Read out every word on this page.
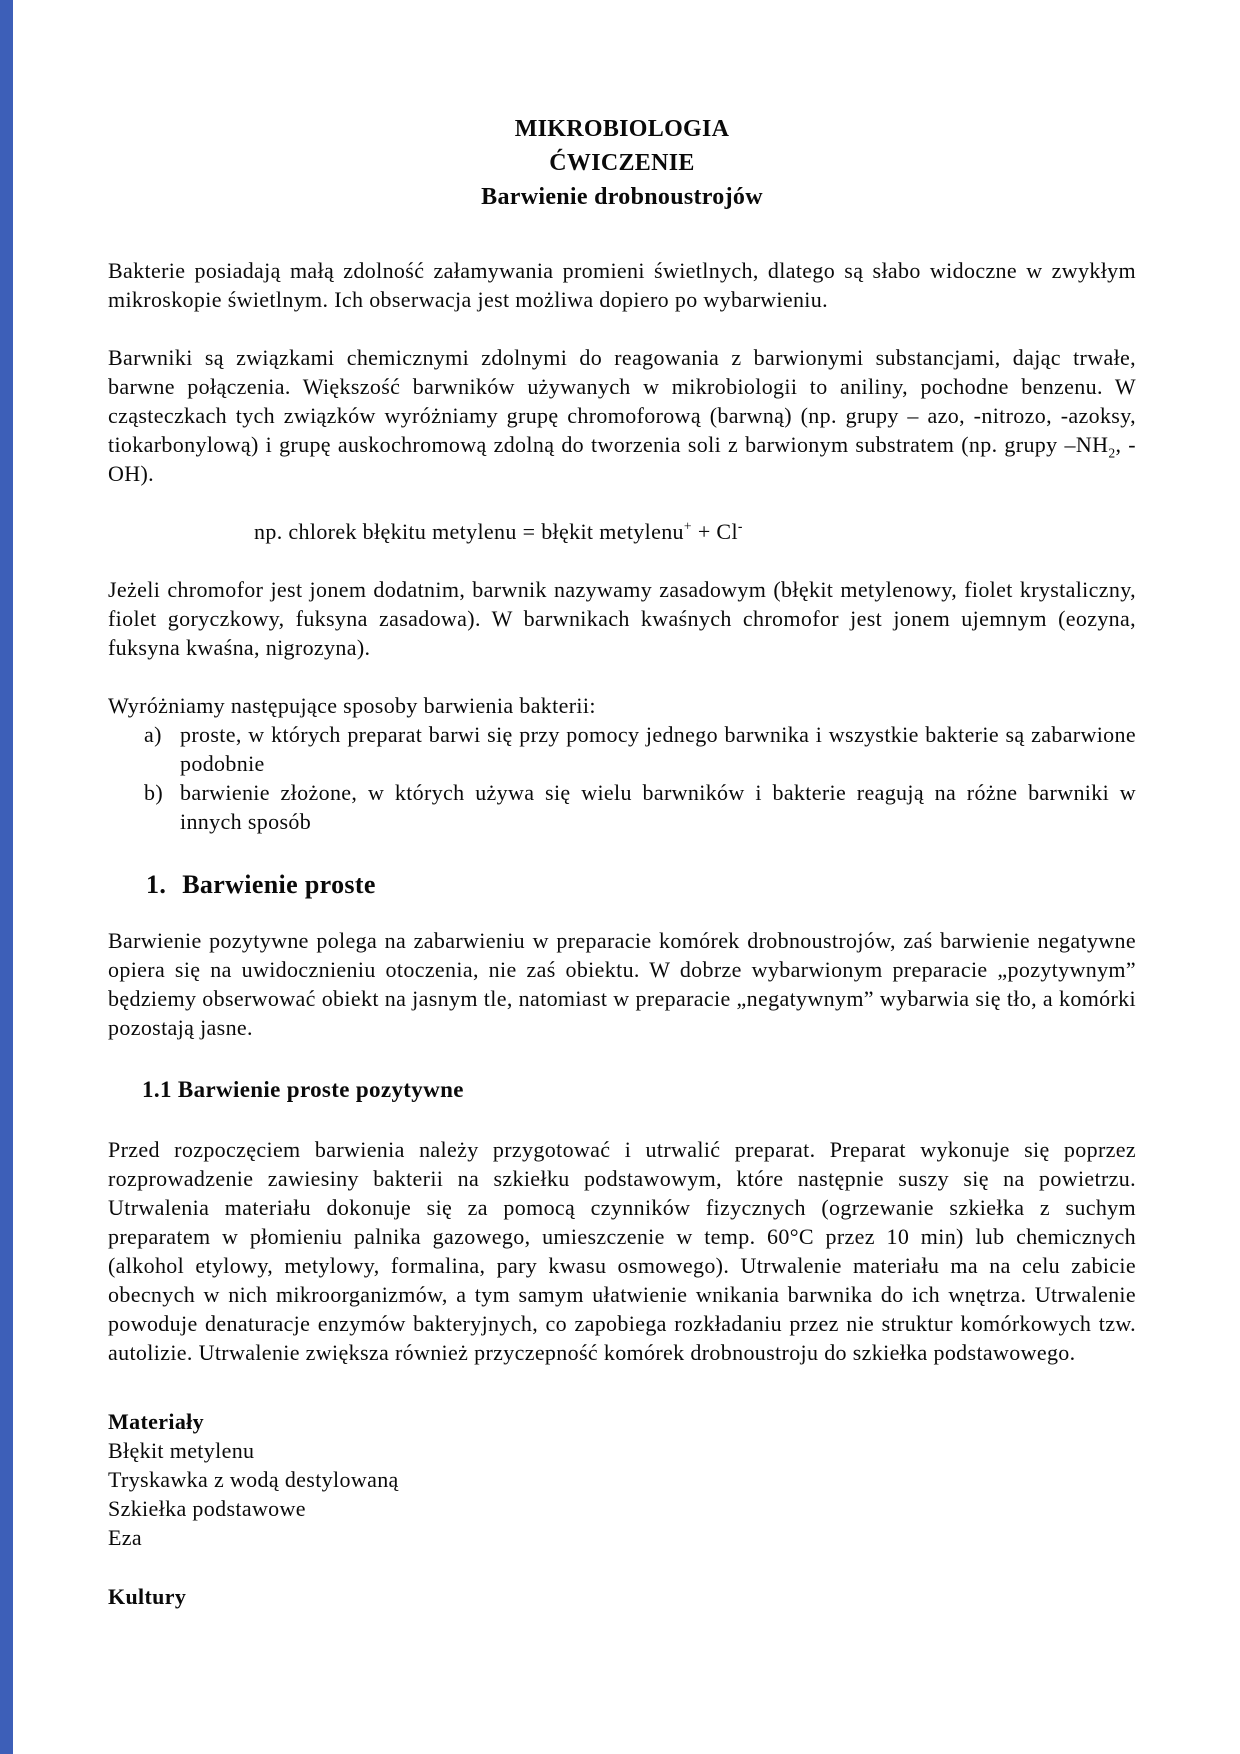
MIKROBIOLOGIA
ĆWICZENIE
Barwienie drobnoustrojów

Bakterie posiadają małą zdolność załamywania promieni świetlnych, dlatego są słabo widoczne w zwykłym mikroskopie świetlnym. Ich obserwacja jest możliwa dopiero po wybarwieniu.

Barwniki są związkami chemicznymi zdolnymi do reagowania z barwionymi substancjami, dając trwałe, barwne połączenia. Większość barwników używanych w mikrobiologii to aniliny, pochodne benzenu. W cząsteczkach tych związków wyróżniamy grupę chromoforową (barwną) (np. grupy – azo, -nitrozo, -azoksy, tiokarbonylową) i grupę auskochromową zdolną do tworzenia soli z barwionym substratem (np. grupy $-NH_2$, -OH).

np. chlorek błękitu metylenu = błękit metylenu+ + Cl-

Jeżeli chromofor jest jonem dodatnim, barwnik nazywamy zasadowym (błękit metylenowy, fiolet krystaliczny, fiolet goryczkowy, fuksyna zasadowa). W barwnikach kwaśnych chromofor jest jonem ujemnym (eozyna, fuksyna kwaśna, nigrozyna).

Wyróżniamy następujące sposoby barwienia bakterii:

a) proste, w których preparat barwi się przy pomocy jednego barwnika i wszystkie bakterie są zabarwione podobnie
b) barwienie złożone, w których używa się wielu barwników i bakterie reagują na różne barwniki w innych sposób
1. Barwienie proste

Barwienie pozytywne polega na zabarwieniu w preparacie komórek drobnoustrojów, zaś barwienie negatywne opiera się na uwidocznieniu otoczenia, nie zaś obiektu. W dobrze wybarwionym preparacie „pozytywnym” będziemy obserwować obiekt na jasnym tle, natomiast w preparacie „negatywnym” wybarwia się tło, a komórki pozostają jasne.

1.1 Barwienie proste pozytywne

Przed rozpoczęciem barwienia należy przygotować i utrwalić preparat. Preparat wykonuje się poprzez rozprowadzenie zawiesiny bakterii na szkiełku podstawowym, które następnie suszy się na powietrzu. Utrwalenia materiału dokonuje się za pomocą czynników fizycznych (ogrzewanie szkiełka z suchym preparatem w płomieniu palnika gazowego, umieszczenie w temp. 60°C przez 10 min) lub chemicznych (alkohol etylowy, metylowy, formalina, pary kwasu osmowego). Utrwalenie materiału ma na celu zabicie obecnych w nich mikroorganizmów, a tym samym ułatwienie wnikania barwnika do ich wnętrza. Utrwalenie powoduje denaturacje enzymów bakteryjnych, co zapobiega rozkładaniu przez nie struktur komórkowych tzw. autolizie. Utrwalenie zwiększa również przyczepność komórek drobnoustroju do szkiełka podstawowego.

Materiały
Błękit metylenu
Tryskawka z wodą destylowaną
Szkiełka podstawowe
Eza
Kultury
